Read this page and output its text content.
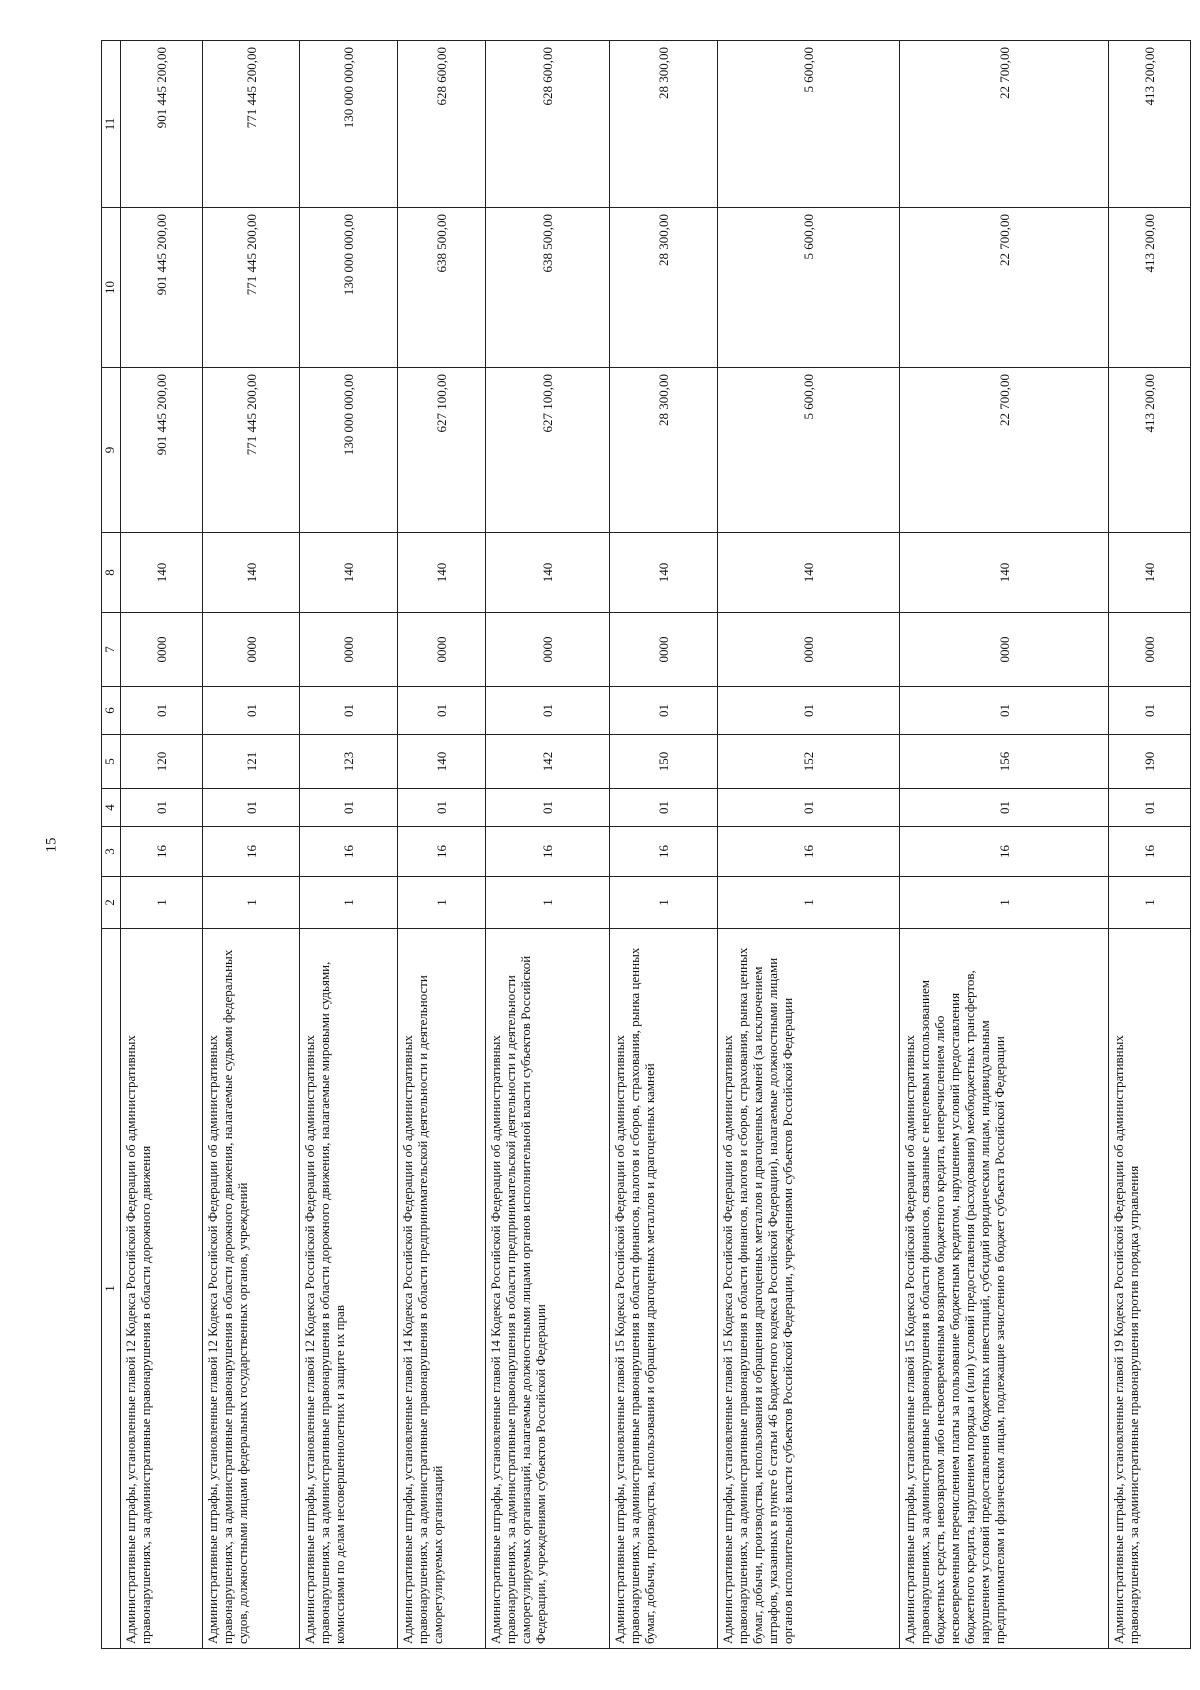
15
1	2	3	4	5	6	7	8	9	10	11
Административные штрафы, установленные главой 12 Кодекса Российской Федерации об административных правонарушениях, за административные правонарушения в области дорожного движения	1	16	01	120	01	0000	140	901 445 200,00	901 445 200,00	901 445 200,00
Административные штрафы, установленные главой 12 Кодекса Российской Федерации об административных правонарушениях, за административные правонарушения в области дорожного движения, налагаемые судьями федеральных судов, должностными лицами федеральных государственных органов, учреждений	1	16	01	121	01	0000	140	771 445 200,00	771 445 200,00	771 445 200,00
Административные штрафы, установленные главой 12 Кодекса Российской Федерации об административных правонарушениях, за административные правонарушения в области дорожного движения, налагаемые мировыми судьями, комиссиями по делам несовершеннолетних и защите их прав	1	16	01	123	01	0000	140	130 000 000,00	130 000 000,00	130 000 000,00
Административные штрафы, установленные главой 14 Кодекса Российской Федерации об административных правонарушениях, за административные правонарушения в области предпринимательской деятельности и деятельности саморегулируемых организаций	1	16	01	140	01	0000	140	627 100,00	638 500,00	628 600,00
Административные штрафы, установленные главой 14 Кодекса Российской Федерации об административных правонарушениях, за административные правонарушения в области предпринимательской деятельности и деятельности саморегулируемых организаций, налагаемые должностными лицами органов исполнительной власти субъектов Российской Федерации, учреждениями субъектов Российской Федерации	1	16	01	142	01	0000	140	627 100,00	638 500,00	628 600,00
Административные штрафы, установленные главой 15 Кодекса Российской Федерации об административных правонарушениях, за административные правонарушения в области финансов, налогов и сборов, страхования, рынка ценных бумаг, добычи, производства, использования и обращения драгоценных металлов и драгоценных камней	1	16	01	150	01	0000	140	28 300,00	28 300,00	28 300,00
Административные штрафы, установленные главой 15 Кодекса Российской Федерации об административных правонарушениях, за административные правонарушения в области финансов, налогов и сборов, страхования, рынка ценных бумаг, добычи, производства, использования и обращения драгоценных металлов и драгоценных камней (за исключением штрафов, указанных в пункте 6 статьи 46 Бюджетного кодекса Российской Федерации), налагаемые должностными лицами органов исполнительной власти субъектов Российской Федерации, учреждениями субъектов Российской Федерации	1	16	01	152	01	0000	140	5 600,00	5 600,00	5 600,00
Административные штрафы, установленные главой 15 Кодекса Российской Федерации об административных правонарушениях, за административные правонарушения в области финансов, связанные с нецелевым использованием бюджетных средств, невозвратом либо несвоевременным возвратом бюджетного кредита, неперечислением либо несвоевременным перечислением платы за пользование бюджетным кредитом, нарушением условий предоставления бюджетного кредита, нарушением порядка и (или) условий предоставления (расходования) межбюджетных трансфертов, нарушением условий предоставления бюджетных инвестиций, субсидий юридическим лицам, индивидуальным предпринимателям и физическим лицам, подлежащие зачислению в бюджет субъекта Российской Федерации	1	16	01	156	01	0000	140	22 700,00	22 700,00	22 700,00
Административные штрафы, установленные главой 19 Кодекса Российской Федерации об административных правонарушениях, за административные правонарушения против порядка управления	1	16	01	190	01	0000	140	413 200,00	413 200,00	413 200,00
